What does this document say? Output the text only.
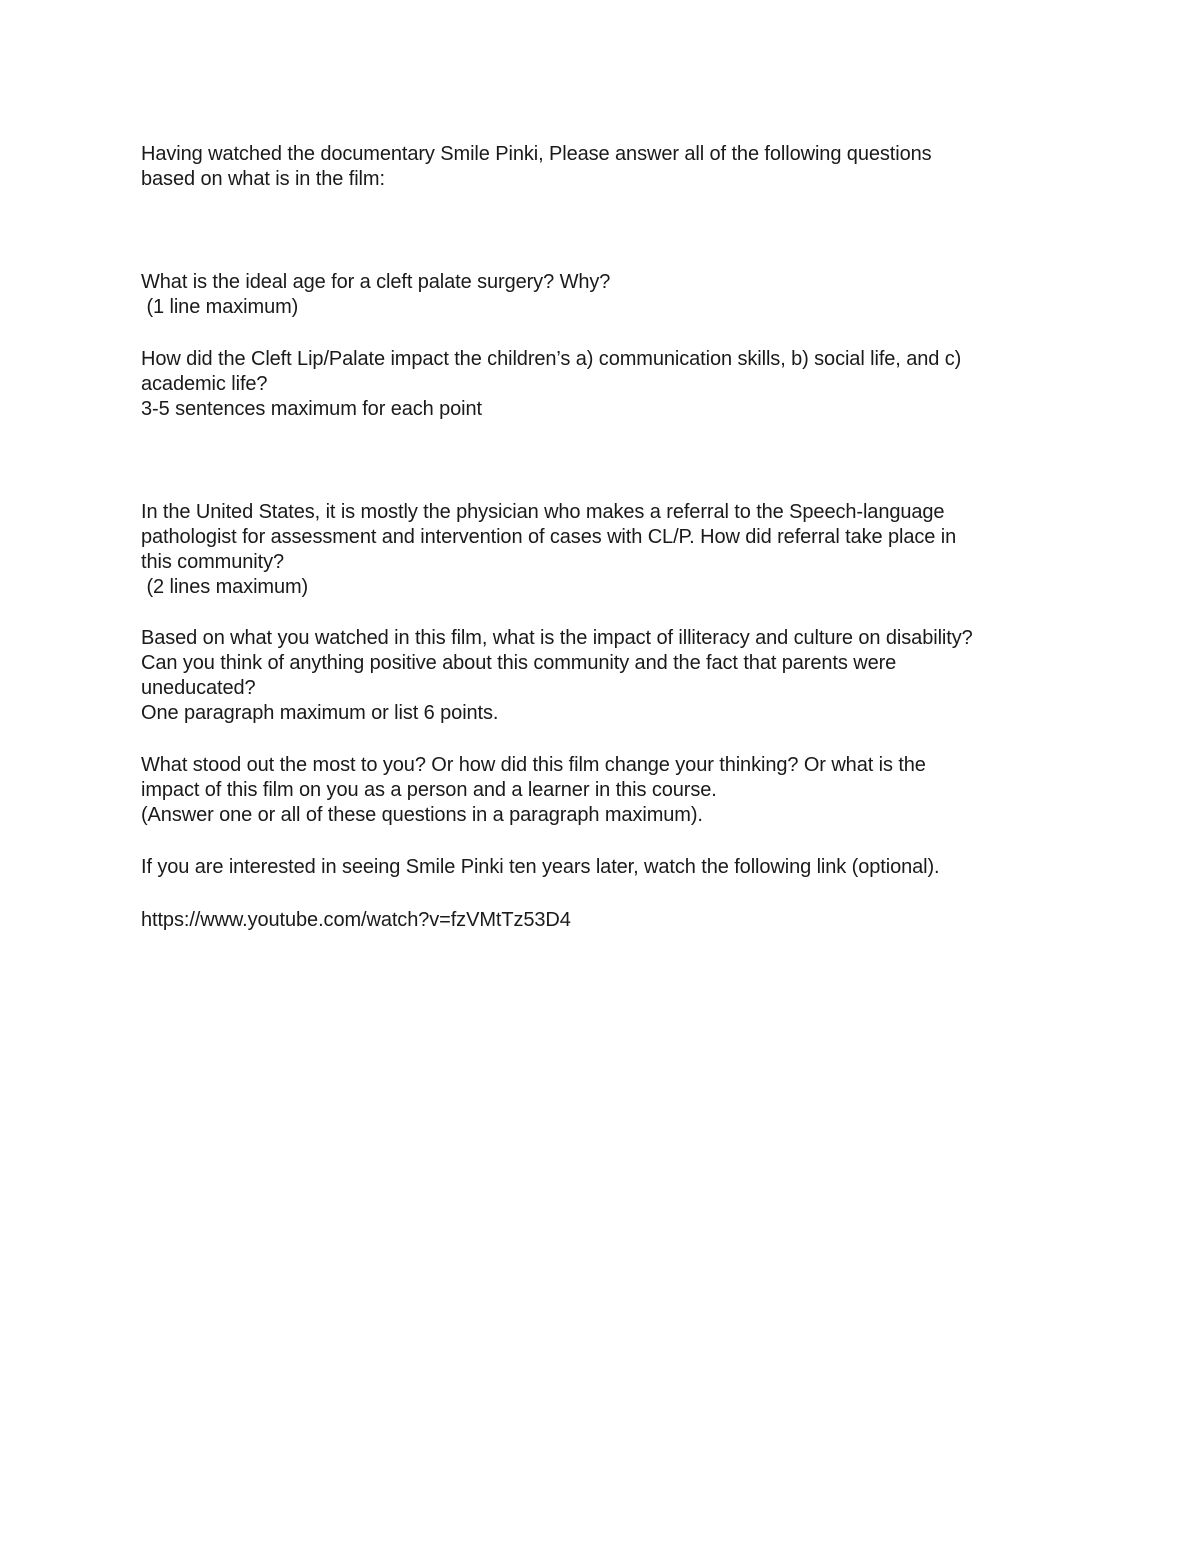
Having watched the documentary Smile Pinki, Please answer all of the following questions
based on what is in the film:
What is the ideal age for a cleft palate surgery? Why?
(1 line maximum)
How did the Cleft Lip/Palate impact the children’s a) communication skills, b) social life, and c)
academic life?
3-5 sentences maximum for each point
In the United States, it is mostly the physician who makes a referral to the Speech-language
pathologist for assessment and intervention of cases with CL/P. How did referral take place in
this community?
(2 lines maximum)
Based on what you watched in this film, what is the impact of illiteracy and culture on disability?
Can you think of anything positive about this community and the fact that parents were
uneducated?
One paragraph maximum or list 6 points.
What stood out the most to you? Or how did this film change your thinking? Or what is the
impact of this film on you as a person and a learner in this course.
(Answer one or all of these questions in a paragraph maximum).
If you are interested in seeing Smile Pinki ten years later, watch the following link (optional).
https://www.youtube.com/watch?v=fzVMtTz53D4
